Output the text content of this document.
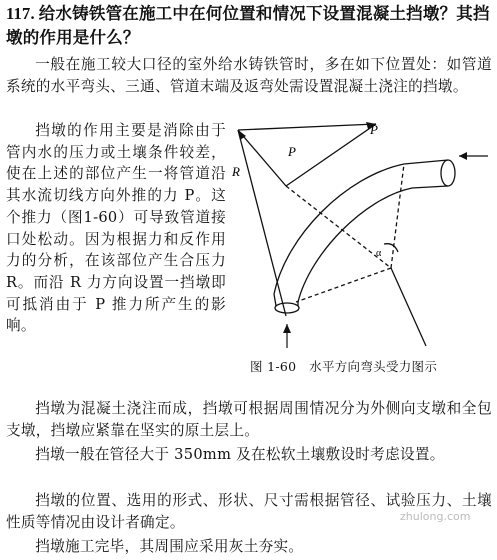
117. 给水铸铁管在施工中在何位置和情况下设置混凝土挡墩？其挡墩的作用是什么？
一般在施工较大口径的室外给水铸铁管时，多在如下位置处：如管道系统的水平弯头、三通、管道末端及返弯处需设置混凝土浇注的挡墩。
挡墩的作用主要是消除由于管内水的压力或土壤条件较差，使在上述的部位产生一将管道沿其水流切线方向外推的力 P。这个推力（图1-60）可导致管道接口处松动。因为根据力和反作用力的分析，在该部位产生合压力R。而沿 R 力方向设置一挡墩即可抵消由于 P 推力所产生的影响。
P
R
P
α
图 1-60　水平方向弯头受力图示
挡墩为混凝土浇注而成，挡墩可根据周围情况分为外侧向支墩和全包支墩，挡墩应紧靠在坚实的原土层上。
挡墩一般在管径大于 350mm 及在松软土壤敷设时考虑设置。
挡墩的位置、选用的形式、形状、尺寸需根据管径、试验压力、土壤性质等情况由设计者确定。
挡墩施工完毕，其周围应采用灰土夯实。
zhulong.com
